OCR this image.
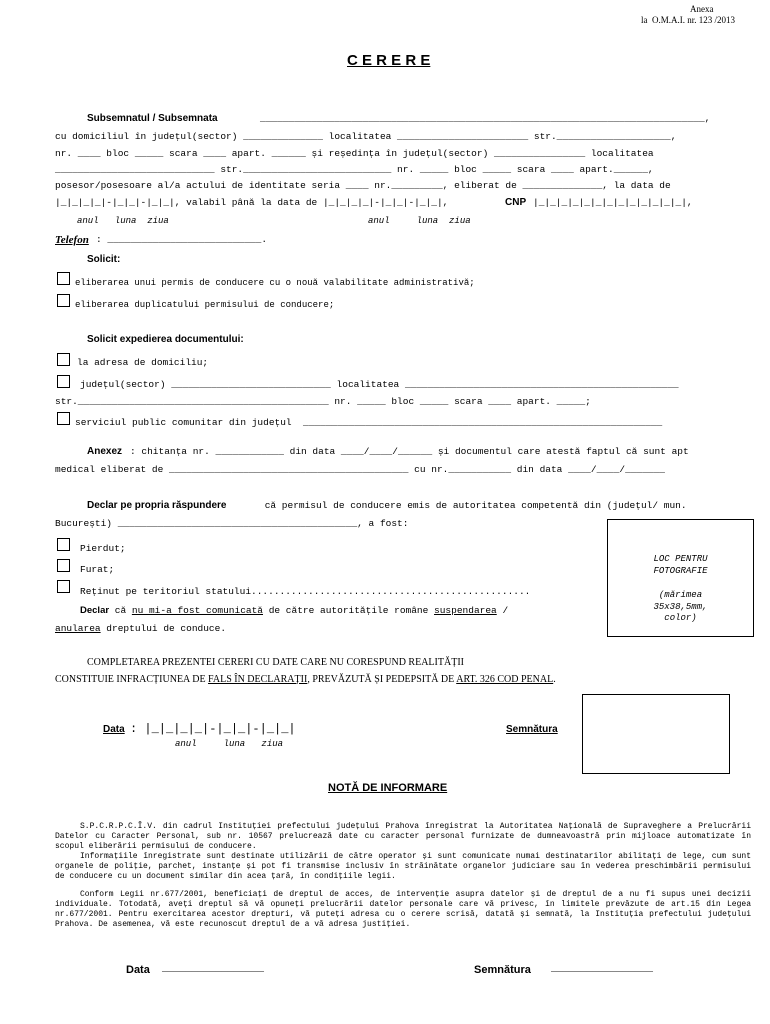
Anexa
la  O.M.A.I. nr. 123 /2013
C E R E R E
Subsemnatul / Subsemnata	______________________________________________________________________________,
cu domiciliul în județul(sector) ______________ localitatea _______________________ str.____________________,
nr. ____ bloc _____ scara ____ apart. ______ și reședința în județul(sector) ________________ localitatea
____________________________ str.__________________________ nr. _____ bloc _____ scara ____ apart.______,
posesor/posesoare al/a actului de identitate seria ____ nr._________, eliberat de ______________, la data de
|_|_|_|_|-|_|_|-|_|_|, valabil până la data de |_|_|_|_|-|_|_|-|_|_|,	CNP |_|_|_|_|_|_|_|_|_|_|_|_|_|,
anul   luna  ziua	anul     luna  ziua
Telefon : ___________________________.
Solicit:
eliberarea unui permis de conducere cu o nouă valabilitate administrativă;
eliberarea duplicatului permisului de conducere;
Solicit expedierea documentului:
la adresa de domiciliu;
județul(sector) ____________________________ localitatea ________________________________________________
str.____________________________________________ nr. _____ bloc _____ scara ____ apart. _____;
serviciul public comunitar din județul  _______________________________________________________________
Anexez : chitanța nr. ____________ din data ____/____/______ și documentul care atestă faptul că sunt apt
medical eliberat de __________________________________________ cu nr.___________ din data ____/____/_______
Declar pe propria răspundere	că permisul de conducere emis de autoritatea competentă din (județul/ mun.
București) __________________________________________, a fost:
Pierdut;
Furat;
Reținut pe teritoriul statului.................................................
Declar că nu mi-a fost comunicată de către autoritățile române suspendarea /
anularea dreptului de conduce.
LOC PENTRU
FOTOGRAFIE
(mărimea
35x38,5mm,
color)
COMPLETAREA PREZENTEI CERERI CU DATE CARE NU CORESPUND REALITĂȚII
CONSTITUIE INFRACȚIUNEA DE FALS ÎN DECLARAȚII, PREVĂZUTĂ ȘI PEDEPSITĂ DE ART. 326 COD PENAL.
Data : |_|_|_|_|-|_|_|-|_|_|
anul     luna   ziua
Semnătura
NOTĂ DE INFORMARE
S.P.C.R.P.C.Î.V. din cadrul Instituției prefectului județului Prahova înregistrat la Autoritatea Națională de Supraveghere a Prelucrării Datelor cu Caracter Personal, sub nr. 10567 prelucrează date cu caracter personal furnizate de dumneavoastră prin mijloace automatizate în scopul eliberării permisului de conducere.
Informațiile înregistrate sunt destinate utilizării de către operator și sunt comunicate numai destinatarilor abilitați de lege, cum sunt organele de poliție, parchet, instanțe și pot fi transmise inclusiv în străinătate organelor judiciare sau în vederea preschimbării permisului de conducere cu un document similar din acea țară, în condițiile legii.
Conform Legii nr.677/2001, beneficiați de dreptul de acces, de intervenție asupra datelor și de dreptul de a nu fi supus unei decizii individuale. Totodată, aveți dreptul să vă opuneți prelucrării datelor personale care vă privesc, în limitele prevăzute de art.15 din Legea nr.677/2001. Pentru exercitarea acestor drepturi, vă puteți adresa cu o cerere scrisă, datată și semnată, la Instituția prefectului județului Prahova. De asemenea, vă este recunoscut dreptul de a vă adresa justiției.
Data _________________	Semnătura _________________
